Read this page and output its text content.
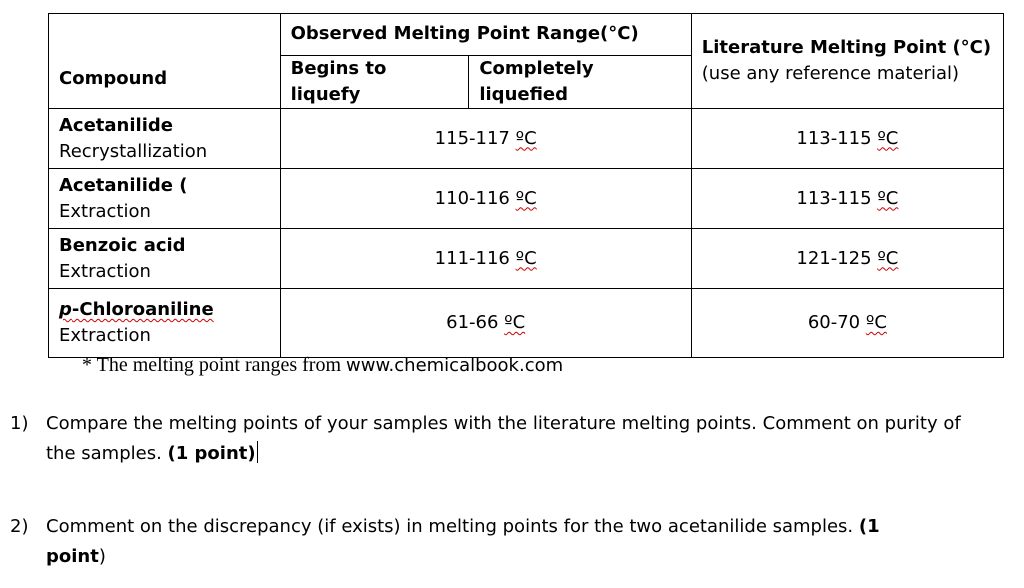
Compound	Observed Melting Point Range(°C)		Literature Melting Point (°C)
(use any reference material)
	Begins to liquefy	Completely liquefied	

Acetanilide
Recrystallization	115-117 ºC		113-115 ºC

Acetanilide (
Extraction	110-116 ºC		113-115 ºC

Benzoic acid
Extraction	111-116 ºC		121-125 ºC

p-Chloroaniline
Extraction	61-66 ºC		60-70 ºC
* The melting point ranges from www.chemicalbook.com
1) Compare the melting points of your samples with the literature melting points. Comment on purity of the samples. (1 point)
2) Comment on the discrepancy (if exists) in melting points for the two acetanilide samples. (1
point)
